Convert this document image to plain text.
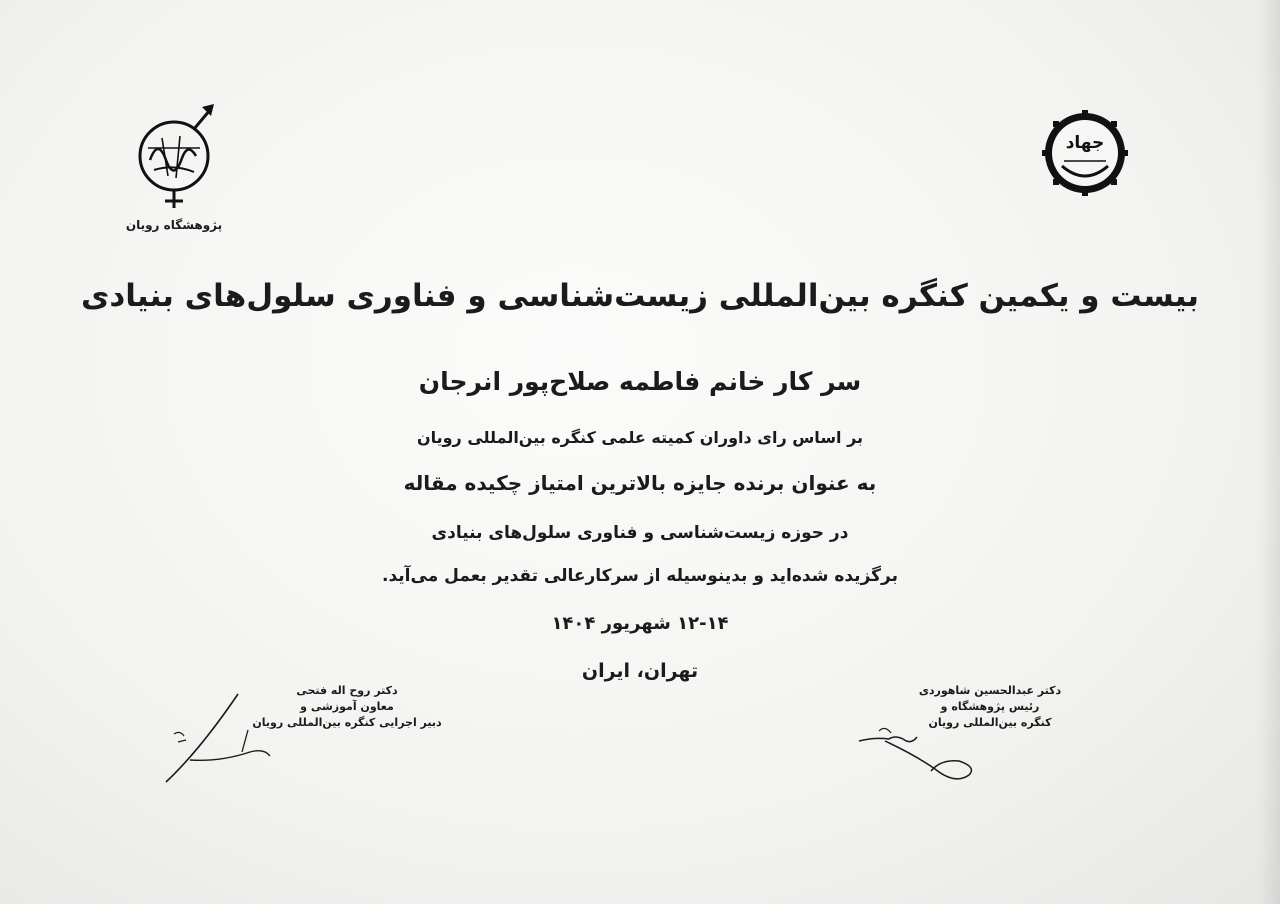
پژوهشگاه رویان
جهاد
بیست و یکمین کنگره بین‌المللی زیست‌شناسی و فناوری سلول‌های بنیادی
سر کار خانم فاطمه صلاح‌پور انرجان
بر اساس رای داوران کمیته علمی کنگره بین‌المللی رویان
به عنوان برنده جایزه بالاترین امتیاز چکیده مقاله
در حوزه زیست‌شناسی و فناوری سلول‌های بنیادی
برگزیده شده‌اید و بدینوسیله از سرکارعالی تقدیر بعمل می‌آید.
۱۲-۱۴ شهریور ۱۴۰۴
تهران، ایران
دکتر روح اله فتحی
معاون آموزشی و
دبیر اجرایی کنگره بین‌المللی رویان
دکتر عبدالحسین شاهوردی
رئیس پژوهشگاه و
کنگره بین‌المللی رویان
